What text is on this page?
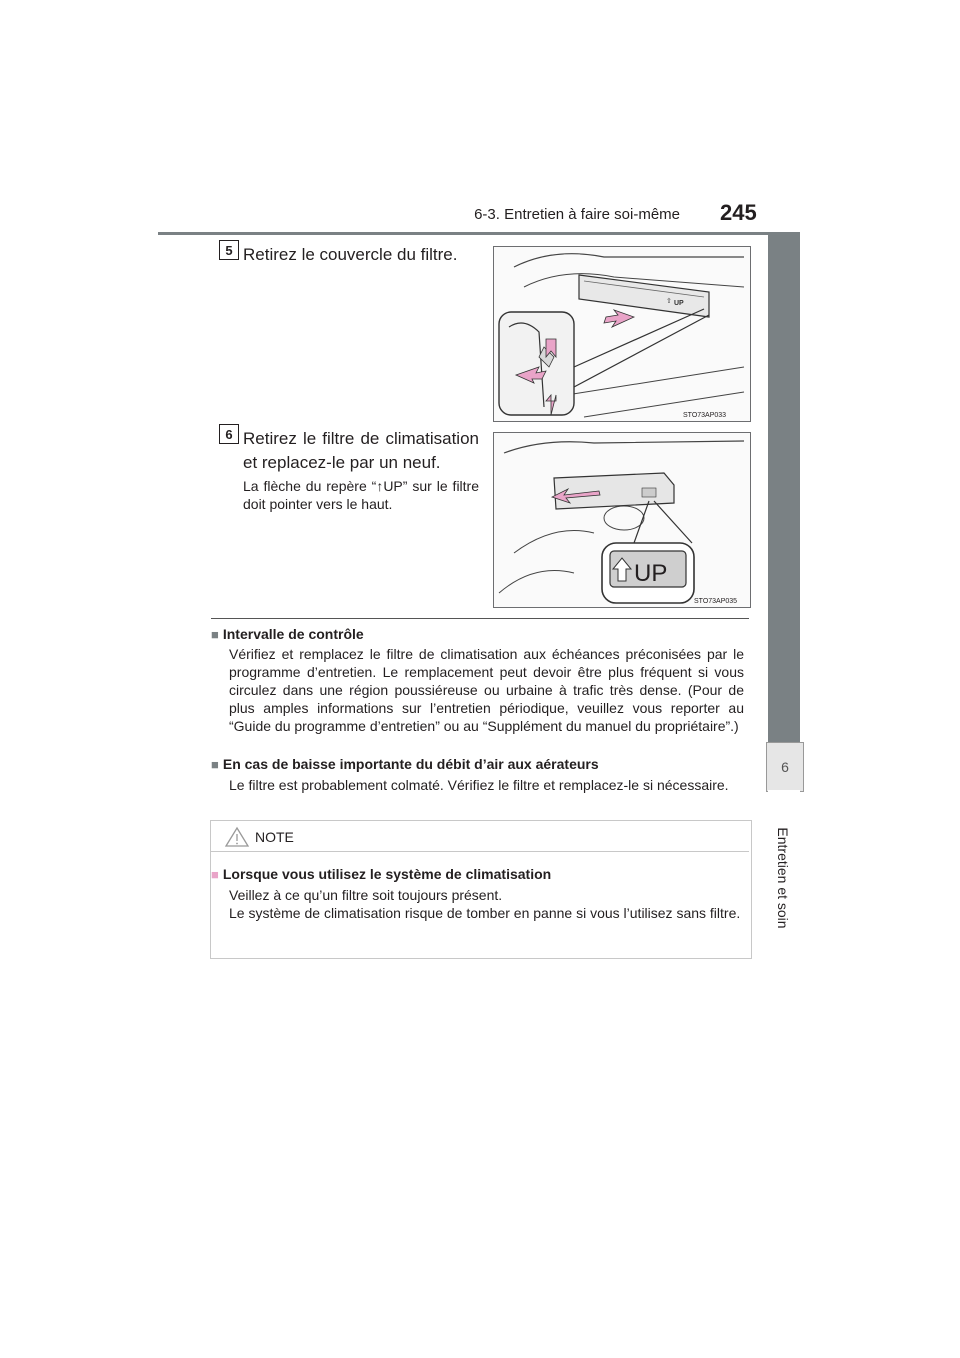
6-3. Entretien à faire soi-même 245
6
Entretien et soin
5 Retirez le couvercle du filtre.
⇧ UP
STO73AP033
6 Retirez le filtre de climatisation et replacez-le par un neuf.
La flèche du repère “↑UP” sur le filtre doit pointer vers le haut.
UP
STO73AP035
■ Intervalle de contrôle
Vérifiez et remplacez le filtre de climatisation aux échéances préconisées par le programme d’entretien. Le remplacement peut devoir être plus fréquent si vous circulez dans une région poussiéreuse ou urbaine à trafic très dense. (Pour de plus amples informations sur l’entretien périodique, veuillez vous reporter au “Guide du programme d’entretien” ou au “Supplément du manuel du propriétaire”.)
■ En cas de baisse importante du débit d’air aux aérateurs
Le filtre est probablement colmaté. Vérifiez le filtre et remplacez-le si nécessaire.
NOTE
■ Lorsque vous utilisez le système de climatisation
Veillez à ce qu’un filtre soit toujours présent.
Le système de climatisation risque de tomber en panne si vous l’utilisez sans filtre.
